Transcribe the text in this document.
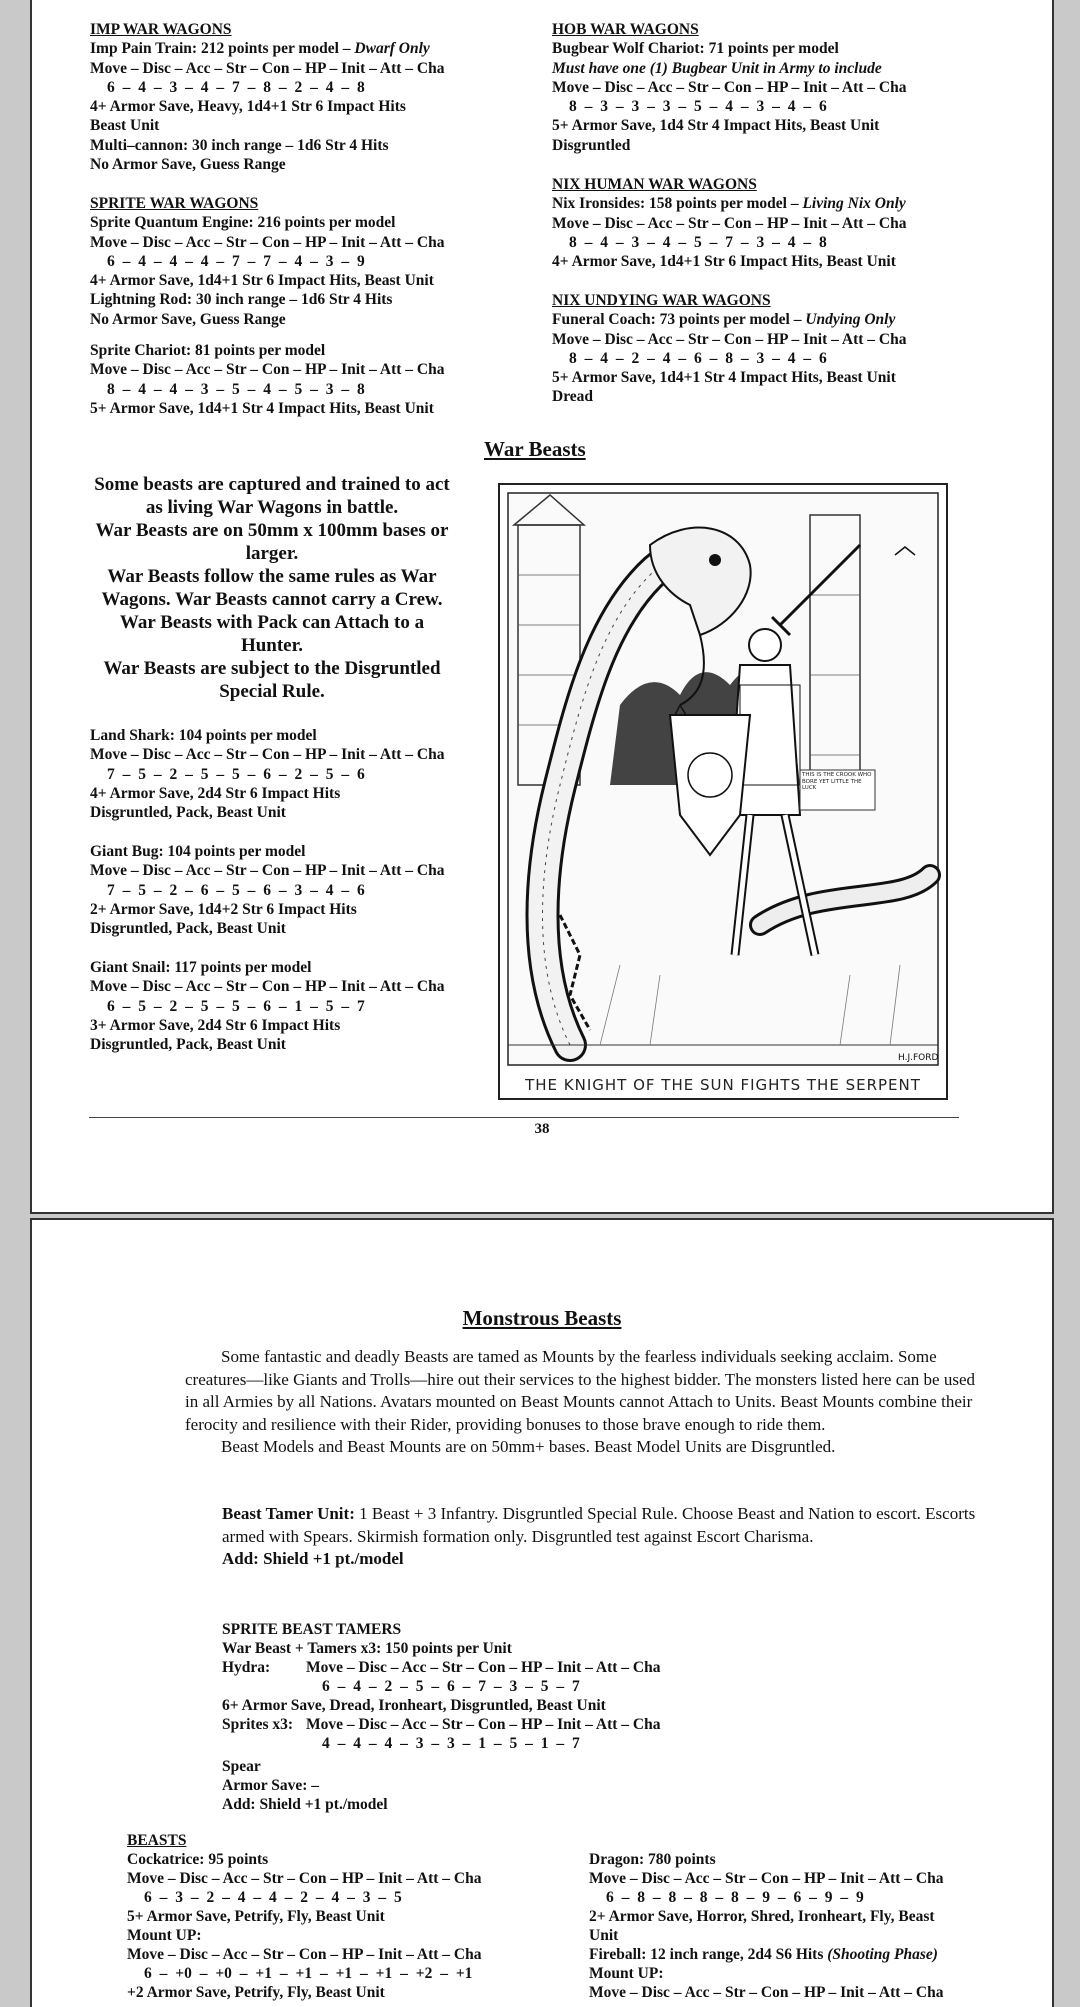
IMP WAR WAGONS
Imp Pain Train: 212 points per model – Dwarf Only
Move – Disc – Acc – Str – Con – HP – Init – Att – Cha
6 – 4 – 3 – 4 – 7 – 8 – 2 – 4 – 8
4+ Armor Save, Heavy, 1d4+1 Str 6 Impact Hits
Beast Unit
Multi–cannon: 30 inch range – 1d6 Str 4 Hits
No Armor Save, Guess Range
SPRITE WAR WAGONS
Sprite Quantum Engine: 216 points per model
Move – Disc – Acc – Str – Con – HP – Init – Att – Cha
6 – 4 – 4 – 4 – 7 – 7 – 4 – 3 – 9
4+ Armor Save, 1d4+1 Str 6 Impact Hits, Beast Unit
Lightning Rod: 30 inch range – 1d6 Str 4 Hits
No Armor Save, Guess Range
Sprite Chariot: 81 points per model
Move – Disc – Acc – Str – Con – HP – Init – Att – Cha
8 – 4 – 4 – 3 – 5 – 4 – 5 – 3 – 8
5+ Armor Save, 1d4+1 Str 4 Impact Hits, Beast Unit
HOB WAR WAGONS
Bugbear Wolf Chariot: 71 points per model
Must have one (1) Bugbear Unit in Army to include
Move – Disc – Acc – Str – Con – HP – Init – Att – Cha
8 – 3 – 3 – 3 – 5 – 4 – 3 – 4 – 6
5+ Armor Save, 1d4 Str 4 Impact Hits, Beast Unit
Disgruntled
NIX HUMAN WAR WAGONS
Nix Ironsides: 158 points per model – Living Nix Only
Move – Disc – Acc – Str – Con – HP – Init – Att – Cha
8 – 4 – 3 – 4 – 5 – 7 – 3 – 4 – 8
4+ Armor Save, 1d4+1 Str 6 Impact Hits, Beast Unit
NIX UNDYING WAR WAGONS
Funeral Coach: 73 points per model – Undying Only
Move – Disc – Acc – Str – Con – HP – Init – Att – Cha
8 – 4 – 2 – 4 – 6 – 8 – 3 – 4 – 6
5+ Armor Save, 1d4+1 Str 4 Impact Hits, Beast Unit
Dread
War Beasts
Some beasts are captured and trained to act as living War Wagons in battle.
War Beasts are on 50mm x 100mm bases or larger.
War Beasts follow the same rules as War Wagons. War Beasts cannot carry a Crew.
War Beasts with Pack can Attach to a Hunter.
War Beasts are subject to the Disgruntled Special Rule.
Land Shark: 104 points per model
Move – Disc – Acc – Str – Con – HP – Init – Att – Cha
7 – 5 – 2 – 5 – 5 – 6 – 2 – 5 – 6
4+ Armor Save, 2d4 Str 6 Impact Hits
Disgruntled, Pack, Beast Unit
Giant Bug: 104 points per model
Move – Disc – Acc – Str – Con – HP – Init – Att – Cha
7 – 5 – 2 – 6 – 5 – 6 – 3 – 4 – 6
2+ Armor Save, 1d4+2 Str 6 Impact Hits
Disgruntled, Pack, Beast Unit
Giant Snail: 117 points per model
Move – Disc – Acc – Str – Con – HP – Init – Att – Cha
6 – 5 – 2 – 5 – 5 – 6 – 1 – 5 – 7
3+ Armor Save, 2d4 Str 6 Impact Hits
Disgruntled, Pack, Beast Unit
THIS IS THE CROOK WHO BORE YET LITTLE THE LUCK
H.J.FORD
THE KNIGHT OF THE SUN FIGHTS THE SERPENT
38
Monstrous Beasts
Some fantastic and deadly Beasts are tamed as Mounts by the fearless individuals seeking acclaim. Some creatures—like Giants and Trolls—hire out their services to the highest bidder. The monsters listed here can be used in all Armies by all Nations. Avatars mounted on Beast Mounts cannot Attach to Units. Beast Mounts combine their ferocity and resilience with their Rider, providing bonuses to those brave enough to ride them.
Beast Models and Beast Mounts are on 50mm+ bases. Beast Model Units are Disgruntled.
Beast Tamer Unit: 1 Beast + 3 Infantry. Disgruntled Special Rule. Choose Beast and Nation to escort. Escorts armed with Spears. Skirmish formation only. Disgruntled test against Escort Charisma.
Add: Shield +1 pt./model
SPRITE BEAST TAMERS
War Beast + Tamers x3: 150 points per Unit
Hydra: Move – Disc – Acc – Str – Con – HP – Init – Att – Cha
6 – 4 – 2 – 5 – 6 – 7 – 3 – 5 – 7
6+ Armor Save, Dread, Ironheart, Disgruntled, Beast Unit
Sprites x3: Move – Disc – Acc – Str – Con – HP – Init – Att – Cha
4 – 4 – 4 – 3 – 3 – 1 – 5 – 1 – 7
Spear
Armor Save: –
Add: Shield +1 pt./model
BEASTS
Cockatrice: 95 points
Move – Disc – Acc – Str – Con – HP – Init – Att – Cha
6 – 3 – 2 – 4 – 4 – 2 – 4 – 3 – 5
5+ Armor Save, Petrify, Fly, Beast Unit
Mount UP:
Move – Disc – Acc – Str – Con – HP – Init – Att – Cha
6 – +0 – +0 – +1 – +1 – +1 – +1 – +2 – +1
+2 Armor Save, Petrify, Fly, Beast Unit
Dragon: 780 points
Move – Disc – Acc – Str – Con – HP – Init – Att – Cha
6 – 8 – 8 – 8 – 8 – 9 – 6 – 9 – 9
2+ Armor Save, Horror, Shred, Ironheart, Fly, Beast
Unit
Fireball: 12 inch range, 2d4 S6 Hits (Shooting Phase)
Mount UP:
Move – Disc – Acc – Str – Con – HP – Init – Att – Cha
